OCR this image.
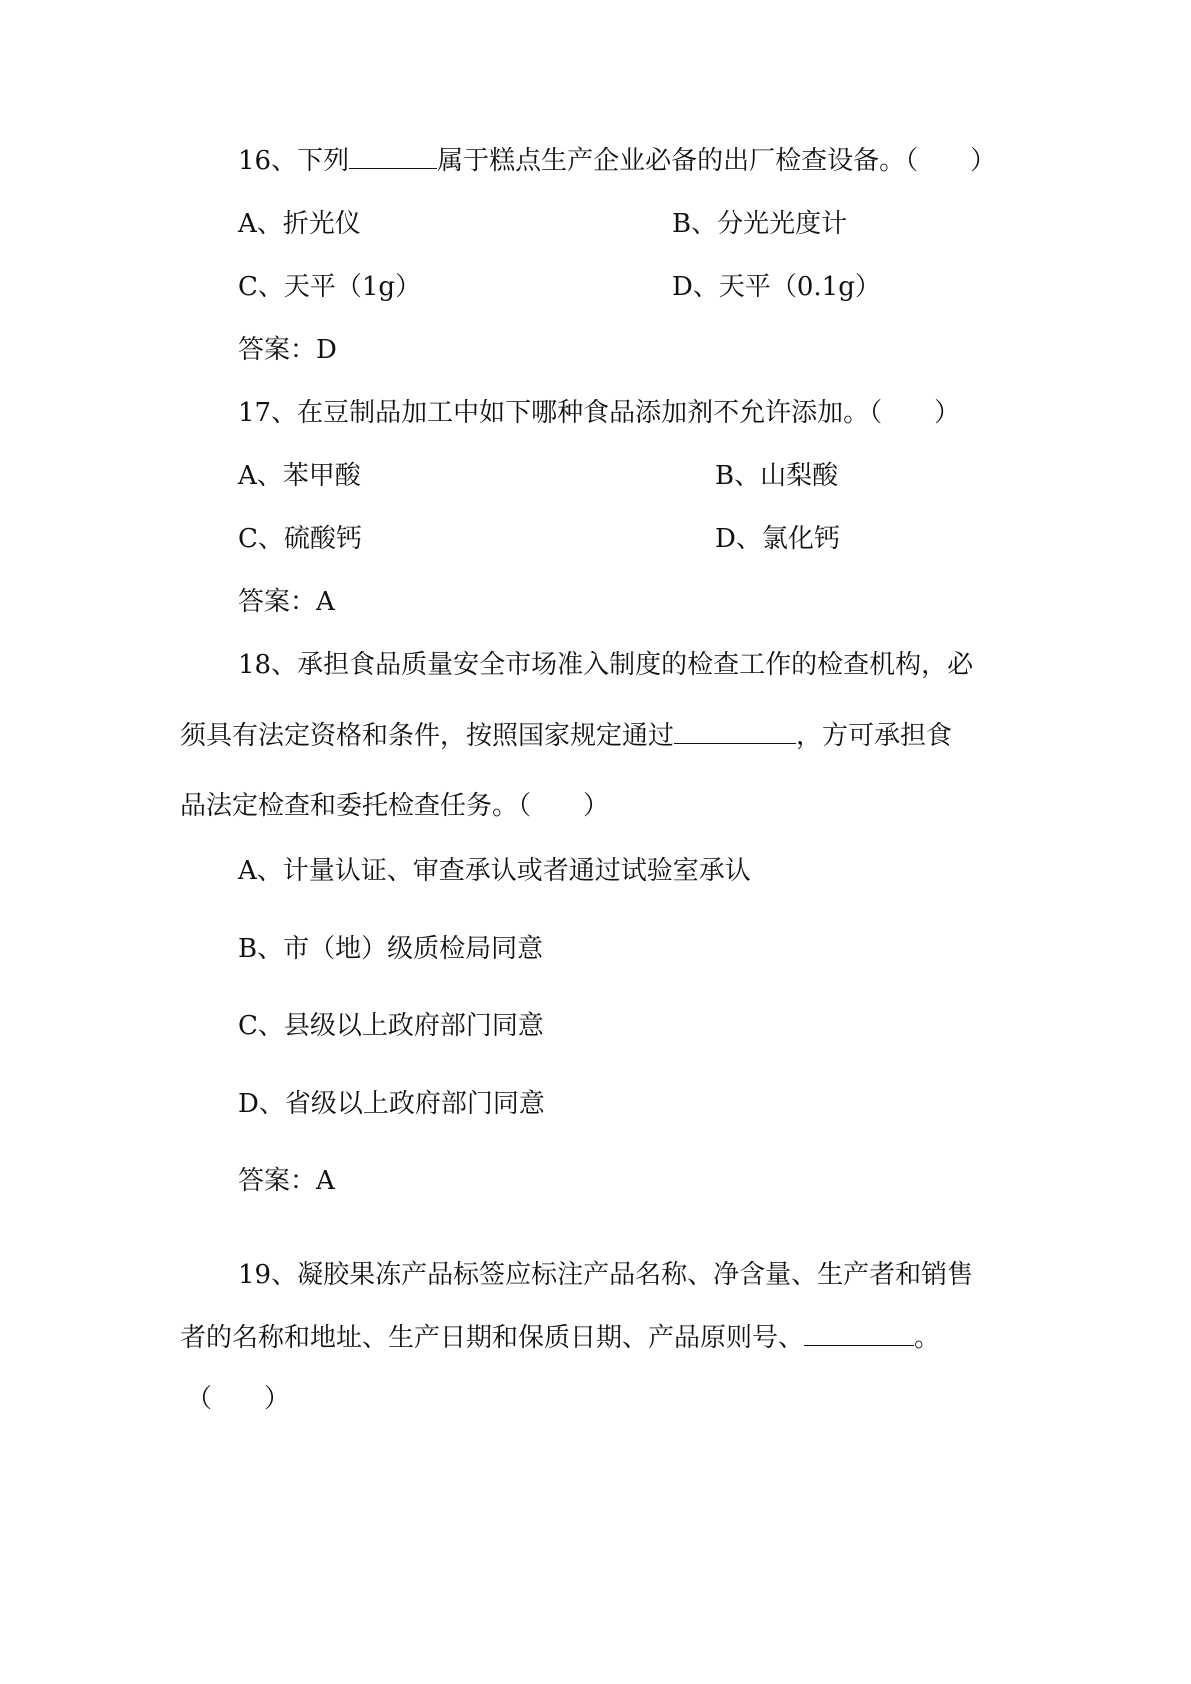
16、下列	属于糕点生产企业必备的出厂检查设备。（　　）
A、折光仪	B、分光光度计
C、天平（1g）	D、天平（0.1g）
答案：D
17、在豆制品加工中如下哪种食品添加剂不允许添加。（　　）
A、苯甲酸	B、山梨酸
C、硫酸钙	D、氯化钙
答案：A
18、承担食品质量安全市场准入制度的检查工作的检查机构，必
须具有法定资格和条件，按照国家规定通过	，方可承担食
品法定检查和委托检查任务。（　　）
A、计量认证、审查承认或者通过试验室承认
B、市（地）级质检局同意
C、县级以上政府部门同意
D、省级以上政府部门同意
答案：A
19、凝胶果冻产品标签应标注产品名称、净含量、生产者和销售
者的名称和地址、生产日期和保质日期、产品原则号、	。
（　　）
